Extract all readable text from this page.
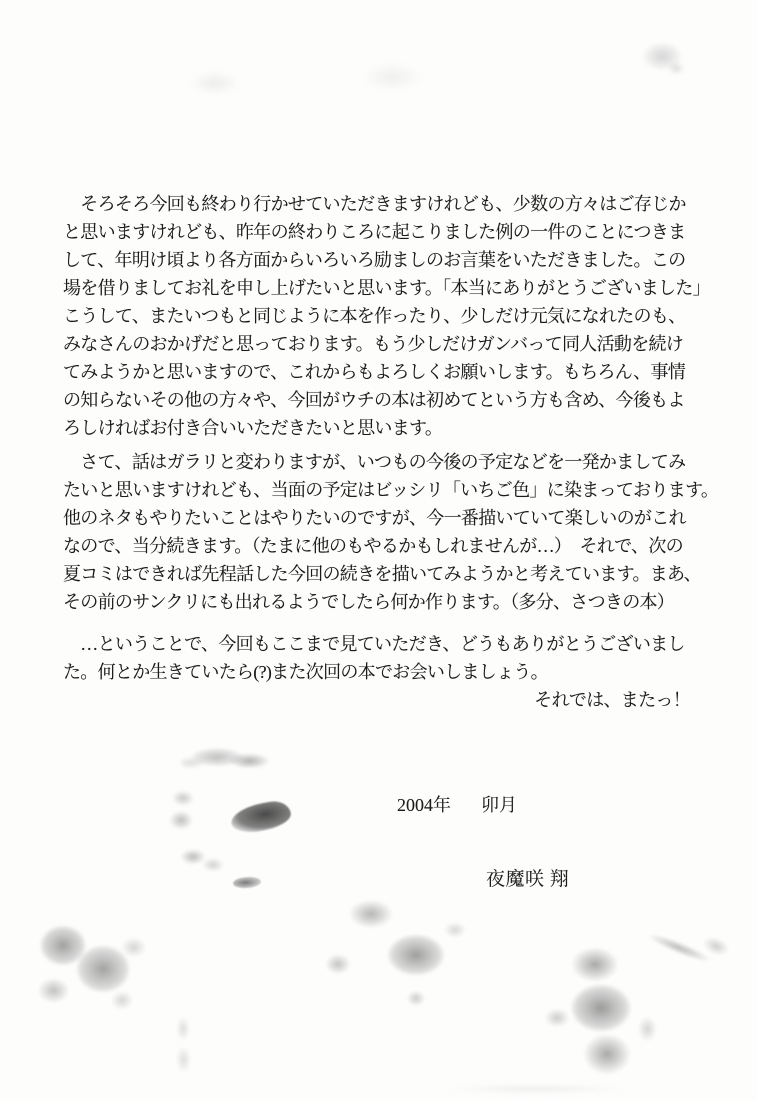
　そろそろ今回も終わり行かせていただきますけれども、少数の方々はご存じか
と思いますけれども、昨年の終わりころに起こりました例の一件のことにつきま
して、年明け頃より各方面からいろいろ励ましのお言葉をいただきました。この
場を借りましてお礼を申し上げたいと思います。「本当にありがとうございました」
こうして、またいつもと同じように本を作ったり、少しだけ元気になれたのも、
みなさんのおかげだと思っております。もう少しだけガンバって同人活動を続け
てみようかと思いますので、これからもよろしくお願いします。もちろん、事情
の知らないその他の方々や、今回がウチの本は初めてという方も含め、今後もよ
ろしければお付き合いいただきたいと思います。
　さて、話はガラリと変わりますが、いつもの今後の予定などを一発かましてみ
たいと思いますけれども、当面の予定はビッシリ「いちご色」に染まっております。
他のネタもやりたいことはやりたいのですが、今一番描いていて楽しいのがこれ
なので、当分続きます。（たまに他のもやるかもしれませんが…）　それで、次の
夏コミはできれば先程話した今回の続きを描いてみようかと考えています。まあ、
その前のサンクリにも出れるようでしたら何か作ります。（多分、さつきの本）
　…ということで、今回もここまで見ていただき、どうもありがとうございまし
た。何とか生きていたら(?)また次回の本でお会いしましょう。
それでは、またっ！
2004年 卯月
夜魔咲 翔
